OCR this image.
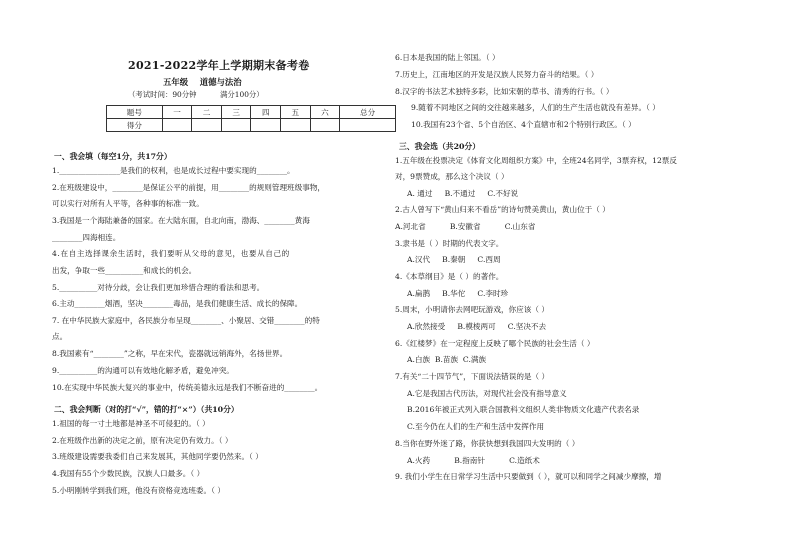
2021-2022学年上学期期末备考卷
五年级    道德与法治
（考试时间：90分钟          满分100分）
题号	一	二	三	四	五	六	总分
得分							
一、我会填（每空1分，共17分）
1.________________是我们的权利，也是成长过程中要实现的________。
2.在班级建设中，________是保证公平的前提，用________的规则管理班级事物，
可以实行对所有人平等，各种事的标准一致。
3.我国是一个海陆兼备的国家。在大陆东面，自北向南，渤海、________黄海
________四海相连。
4.在自主选择课余生活时，我们要听从父母的意见，也要从自己的
出发，争取一些__________和成长的机会。
5.__________对待分歧，会让我们更加珍惜合理的看法和思考。
6.主动________烟酒，坚决________毒品，是我们健康生活、成长的保障。
7. 在中华民族大家庭中，各民族分布呈现________、小聚居、交错________的特
点。
8.我国素有“________”之称，早在宋代，瓷器就远销海外，名扬世界。
9.__________的沟通可以有效地化解矛盾，避免冲突。
10.在实现中华民族大复兴的事业中，传统美德永远是我们不断奋进的________。
二、我会判断（对的打“√”，错的打“×”）（共10分）
1.祖国的每一寸土地都是神圣不可侵犯的。（ ）
2.在班级作出新的决定之前，原有决定仍有效力。（ ）
3.班级建设需要我委们自己来发展其，其他同学要仍然来。（ ）
4.我国有55个少数民族，汉族人口最多。（ ）
5.小明刚转学到我们班，他没有资格竞选班委。（ ）
6.日本是我国的陆上邻国。（ ）
7.历史上，江南地区的开发是汉族人民努力奋斗的结果。（ ）
8.汉字的书法艺术独特多彩，比如宋朝的草书、清秀的行书。（ ）
9.随着不同地区之间的交往越来越多，人们的生产生活也就没有差异。（ ）
10.我国有23个省、5个自治区、4个直辖市和2个特别行政区。（ ）
三、我会选（共20分）
1.五年级在投票决定《体育文化周组织方案》中，全班24名同学，3票弃权，12票反
对，9票赞成，那么这个决议（ ）
A. 通过     B.不通过     C.不好说
2.古人曾写下“黄山归来不看岳”的诗句赞美黄山，黄山位于（ ）
A.河北省          B.安徽省          C.山东省
3.隶书是（ ）时期的代表文字。
A.汉代     B.秦朝     C.西周
4.《本草纲目》是（ ）的著作。
A.扁鹊     B.华佗     C.李时珍
5.周末，小明请你去网吧玩游戏，你应该（ ）
A.欣然接受     B.模棱两可     C.坚决不去
6.《红楼梦》在一定程度上反映了哪个民族的社会生活（ ）
A.白族  B.苗族  C.满族
7.有关“二十四节气”，下面说法错误的是（ ）
A.它是我国古代历法，对现代社会没有指导意义
B.2016年被正式列入联合国教科文组织人类非物质文化遗产代表名录
C.至今仍在人们的生产和生活中发挥作用
8.当你在野外迷了路，你获快想到我国四大发明的（ ）
A.火药          B.指南针          C.造纸术
9. 我们小学生在日常学习生活中只要做到（ ），就可以和同学之间减少摩擦，增
